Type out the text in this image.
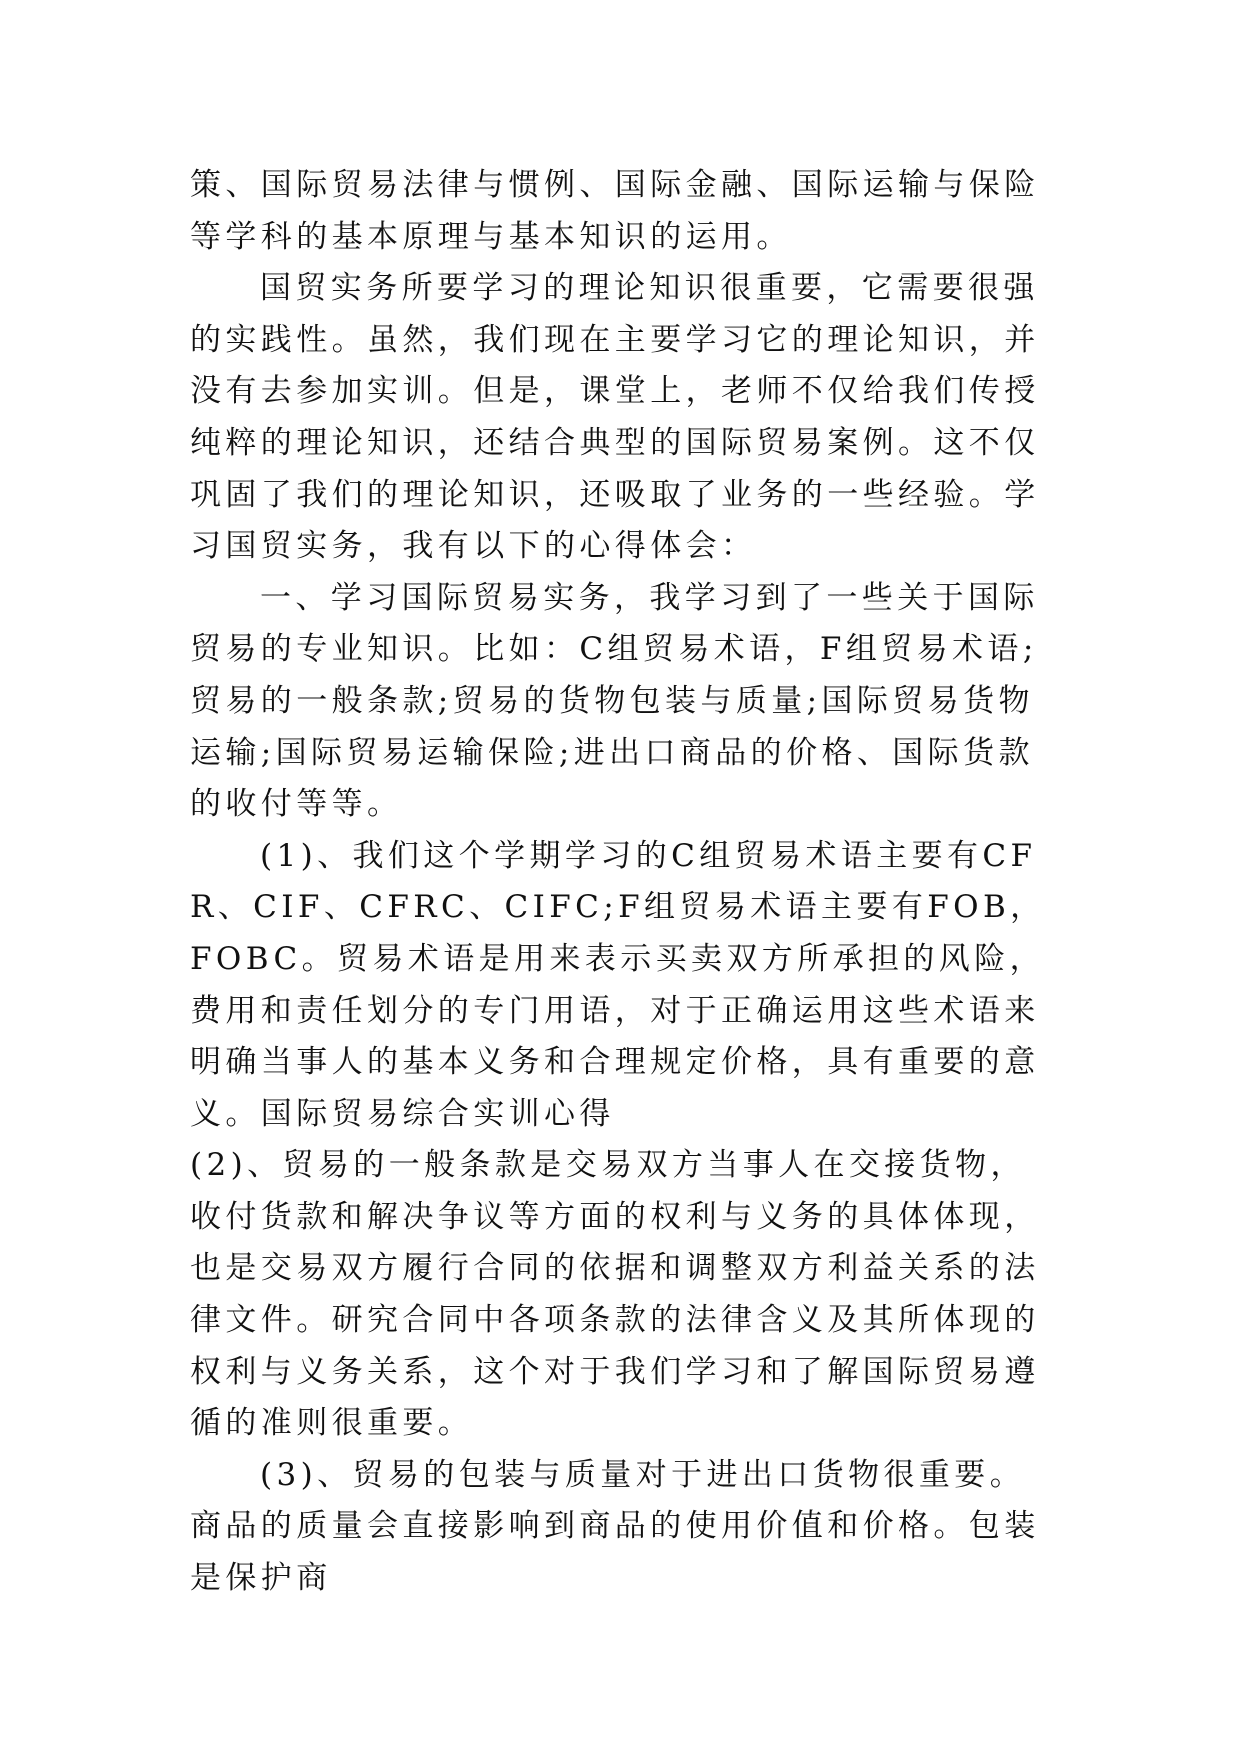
策、国际贸易法律与惯例、国际金融、国际运输与保险等学科的基本原理与基本知识的运用。

国贸实务所要学习的理论知识很重要，它需要很强的实践性。虽然，我们现在主要学习它的理论知识，并没有去参加实训。但是，课堂上，老师不仅给我们传授纯粹的理论知识，还结合典型的国际贸易案例。这不仅巩固了我们的理论知识，还吸取了业务的一些经验。学习国贸实务，我有以下的心得体会：

一、学习国际贸易实务，我学习到了一些关于国际贸易的专业知识。比如：C组贸易术语，F组贸易术语;贸易的一般条款;贸易的货物包装与质量;国际贸易货物运输;国际贸易运输保险;进出口商品的价格、国际货款的收付等等。

(1)、我们这个学期学习的C组贸易术语主要有CFR、CIF、CFRC、CIFC;F组贸易术语主要有FOB，FOBC。贸易术语是用来表示买卖双方所承担的风险，费用和责任划分的专门用语，对于正确运用这些术语来明确当事人的基本义务和合理规定价格，具有重要的意义。国际贸易综合实训心得

(2)、贸易的一般条款是交易双方当事人在交接货物，收付货款和解决争议等方面的权利与义务的具体体现，也是交易双方履行合同的依据和调整双方利益关系的法律文件。研究合同中各项条款的法律含义及其所体现的权利与义务关系，这个对于我们学习和了解国际贸易遵循的准则很重要。

(3)、贸易的包装与质量对于进出口货物很重要。商品的质量会直接影响到商品的使用价值和价格。包装是保护商
